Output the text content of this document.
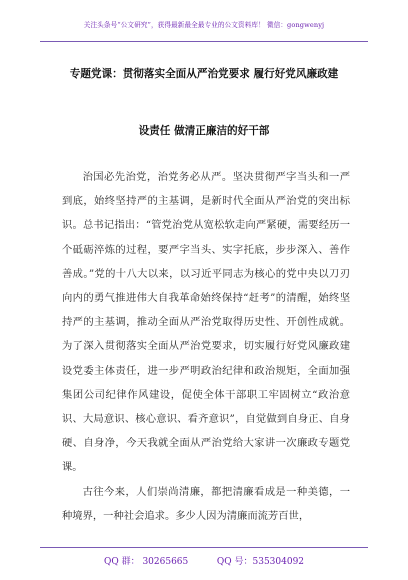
关注头条号“公文研究”，获得最新最全最专业的公文资料库！ 微信：gongwenyj
专题党课：贯彻落实全面从严治党要求 履行好党风廉政建
设责任 做清正廉洁的好干部

治国必先治党，治党务必从严。坚决贯彻严字当头和一严到底，始终坚持严的主基调，是新时代全面从严治党的突出标识。总书记指出：“管党治党从宽松软走向严紧硬，需要经历一个砥砺淬炼的过程，要严字当头、实字托底，步步深入、善作善成。”党的十八大以来，以习近平同志为核心的党中央以刀刃向内的勇气推进伟大自我革命始终保持“赶考”的清醒，始终坚持严的主基调，推动全面从严治党取得历史性、开创性成就。为了深入贯彻落实全面从严治党要求，切实履行好党风廉政建设党委主体责任，进一步严明政治纪律和政治规矩，全面加强集团公司纪律作风建设，促使全体干部职工牢固树立“政治意识、大局意识、核心意识、看齐意识”，自觉做到自身正、自身硬、自身净，今天我就全面从严治党给大家讲一次廉政专题党课。

古往今来，人们崇尚清廉，都把清廉看成是一种美德，一种境界，一种社会追求。多少人因为清廉而流芳百世，

QQ 群： 30265665	QQ 号：535304092
